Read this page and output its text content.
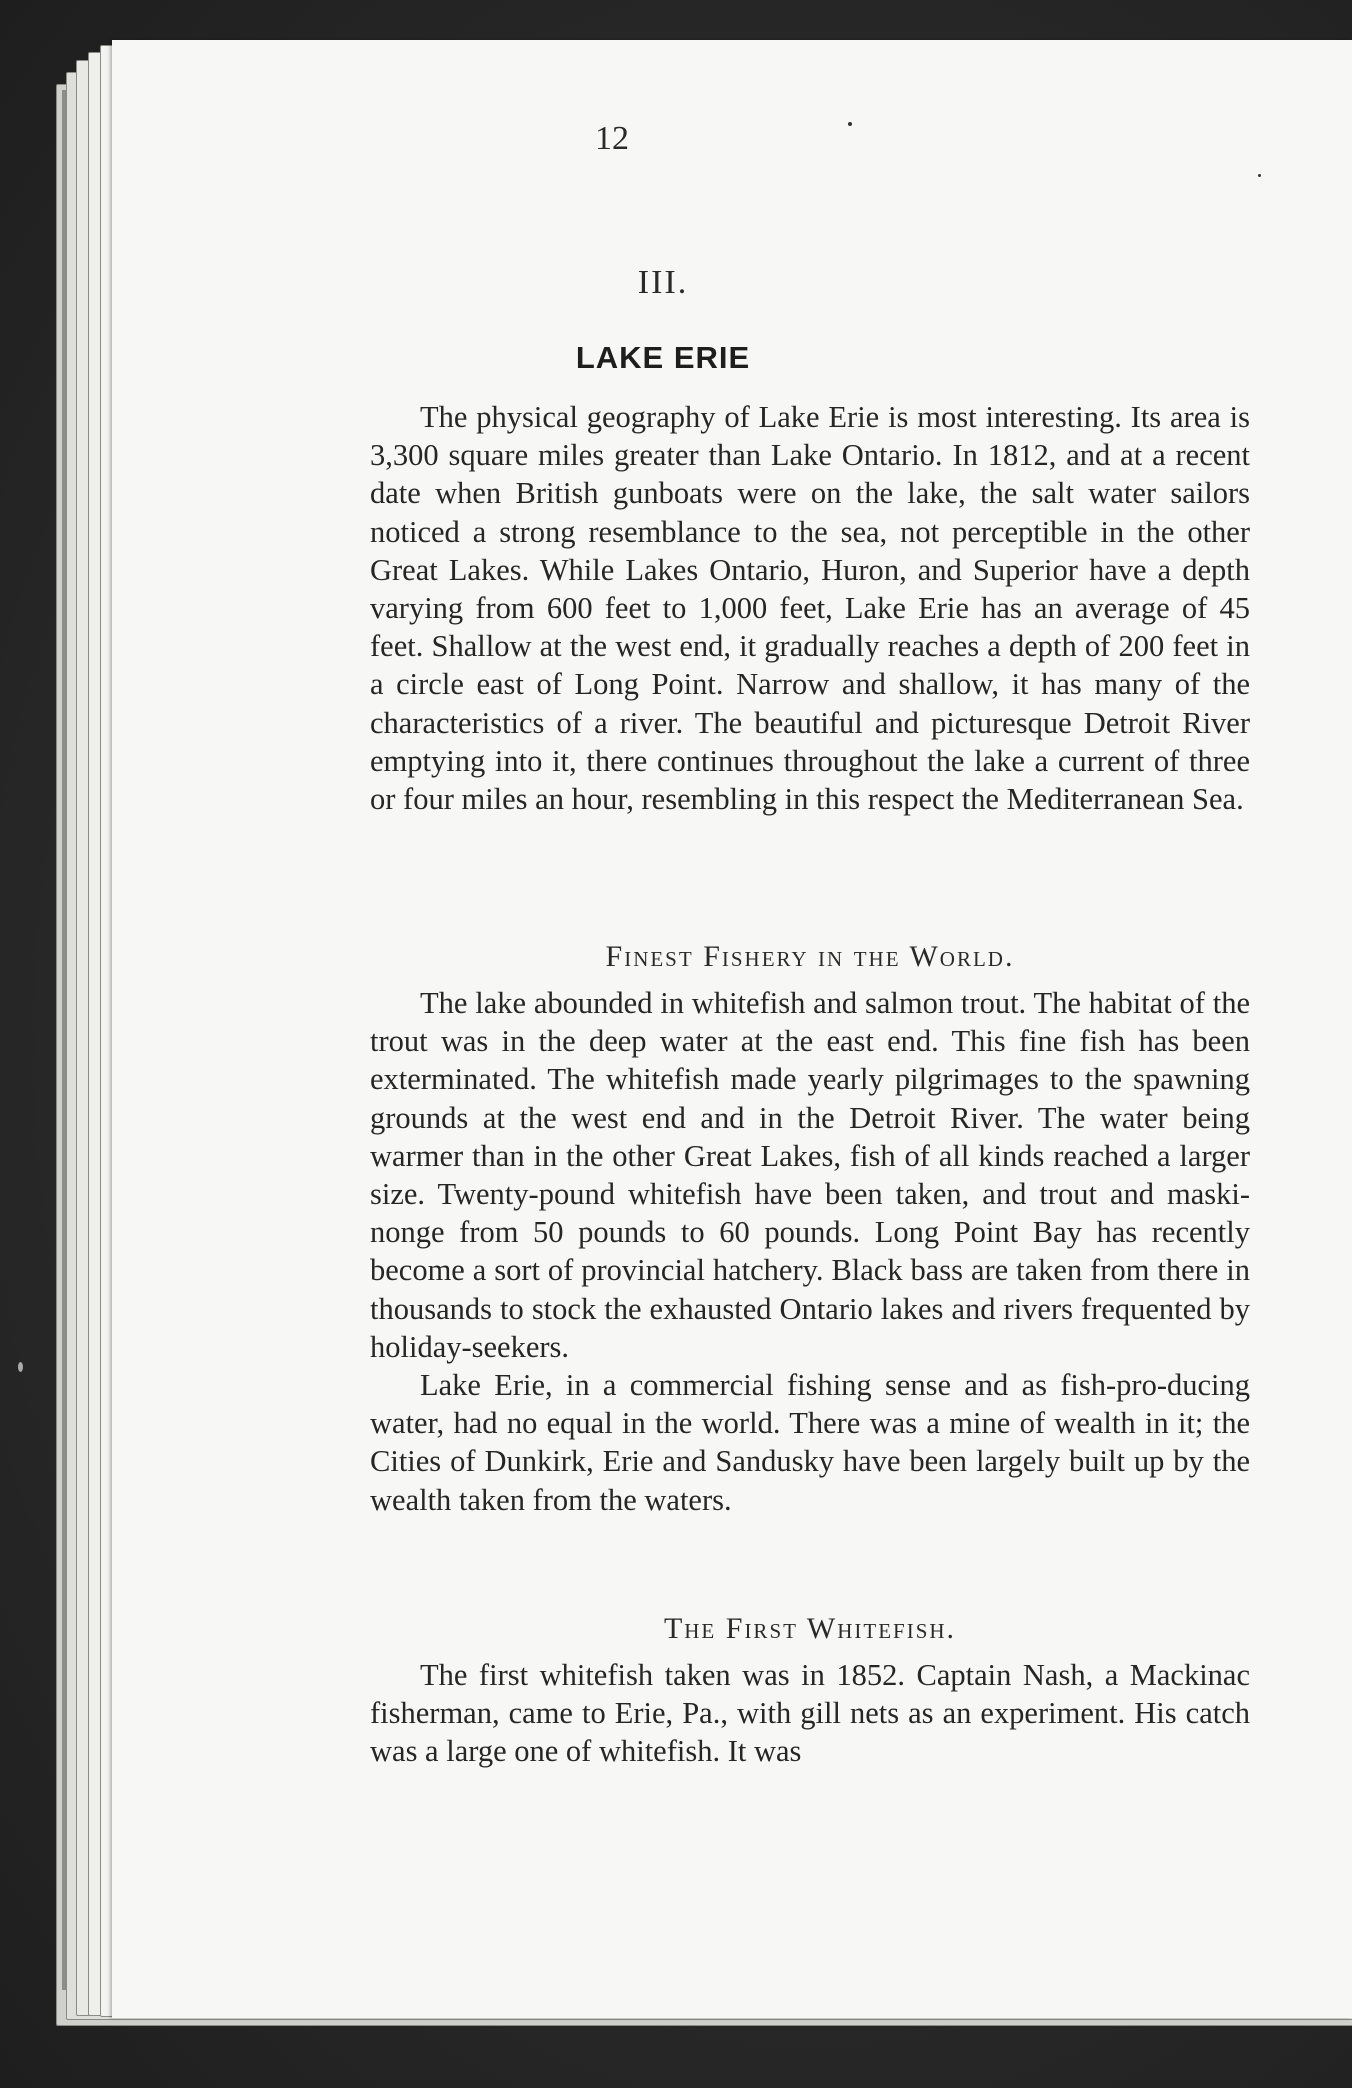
12
III.
LAKE ERIE

The physical geography of Lake Erie is most interesting. Its area is 3,300 square miles greater than Lake Ontario. In 1812, and at a recent date when British gunboats were on the lake, the salt water sailors noticed a strong resemblance to the sea, not perceptible in the other Great Lakes. While Lakes Ontario, Huron, and Superior have a depth varying from 600 feet to 1,000 feet, Lake Erie has an average of 45 feet. Shallow at the west end, it gradually reaches a depth of 200 feet in a circle east of Long Point. Narrow and shallow, it has many of the characteristics of a river. The beautiful and picturesque Detroit River emptying into it, there continues throughout the lake a current of three or four miles an hour, resembling in this respect the Mediterranean Sea.

Finest Fishery in the World.

The lake abounded in whitefish and salmon trout. The habitat of the trout was in the deep water at the east end. This fine fish has been exterminated. The whitefish made yearly pilgrimages to the spawning grounds at the west end and in the Detroit River. The water being warmer than in the other Great Lakes, fish of all kinds reached a larger size. Twenty-pound whitefish have been taken, and trout and maski-nonge from 50 pounds to 60 pounds. Long Point Bay has recently become a sort of provincial hatchery. Black bass are taken from there in thousands to stock the exhausted Ontario lakes and rivers frequented by holiday-seekers.

Lake Erie, in a commercial fishing sense and as fish-pro-ducing water, had no equal in the world. There was a mine of wealth in it; the Cities of Dunkirk, Erie and Sandusky have been largely built up by the wealth taken from the waters.

The First Whitefish.

The first whitefish taken was in 1852. Captain Nash, a Mackinac fisherman, came to Erie, Pa., with gill nets as an experiment. His catch was a large one of whitefish. It was
